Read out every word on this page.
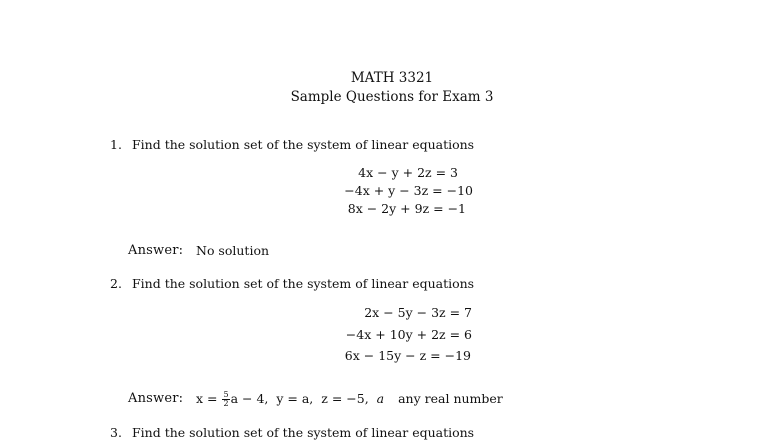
MATH 3321
Sample Questions for Exam 3
1. Find the solution set of the system of linear equations
4x − y + 2z = 3
−4x + y − 3z = −10
8x − 2y + 9z = −1
Answer: No solution
2. Find the solution set of the system of linear equations
2x − 5y − 3z = 7
−4x + 10y + 2z = 6
6x − 15y − z = −19
Answer: $x = \frac{5}{2}$ a − 4, y = a, z = −5, a any real number
3. Find the solution set of the system of linear equations
